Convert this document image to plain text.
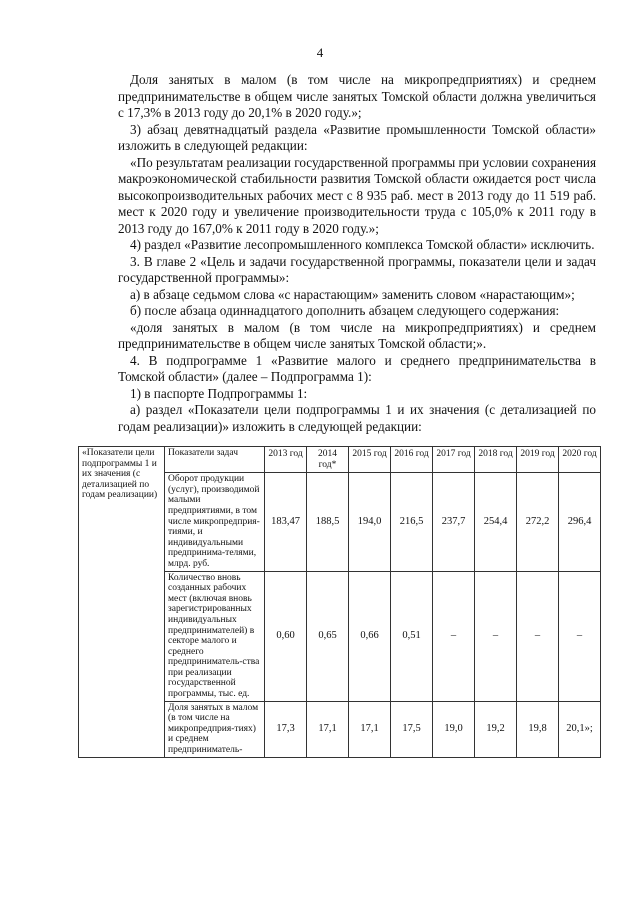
4

Доля занятых в малом (в том числе на микропредприятиях) и среднем предпринимательстве в общем числе занятых Томской области должна увеличиться с 17,3% в 2013 году до 20,1% в 2020 году.»;

3) абзац девятнадцатый раздела «Развитие промышленности Томской области» изложить в следующей редакции:

«По результатам реализации государственной программы при условии сохранения макроэкономической стабильности развития Томской области ожидается рост числа высокопроизводительных рабочих мест с 8 935 раб. мест в 2013 году до 11 519 раб. мест к 2020 году и увеличение производительности труда с 105,0% к 2011 году в 2013 году до 167,0% к 2011 году в 2020 году.»;

4) раздел «Развитие лесопромышленного комплекса Томской области» исключить.

3. В главе 2 «Цель и задачи государственной программы, показатели цели и задач государственной программы»:

а) в абзаце седьмом слова «с нарастающим» заменить словом «нарастающим»;

б) после абзаца одиннадцатого дополнить абзацем следующего содержания:

«доля занятых в малом (в том числе на микропредприятиях) и среднем предпринимательстве в общем числе занятых Томской области;».

4. В подпрограмме 1 «Развитие малого и среднего предпринимательства в Томской области» (далее – Подпрограмма 1):

1) в паспорте Подпрограммы 1:

а) раздел «Показатели цели подпрограммы 1 и их значения (с детализацией по годам реализации)» изложить в следующей редакции:

«Показатели цели подпрограммы 1 и их значения (с детализацией по годам реализации)	Показатели задач	2013 год	2014 год*	2015 год	2016 год	2017 год	2018 год	2019 год	2020 год
	Оборот продукции (услуг), производимой малыми предприятиями, в том числе микропредприя-тиями, и индивидуальными предпринима-телями, млрд. руб.	183,47	188,5	194,0	216,5	237,7	254,4	272,2	296,4
	Количество вновь созданных рабочих мест (включая вновь зарегистрированных индивидуальных предпринимателей) в секторе малого и среднего предприниматель-ства при реализации государственной программы, тыс. ед.	0,60	0,65	0,66	0,51	–	–	–	–
	Доля занятых в малом (в том числе на микропредприя-тиях) и среднем предприниматель-	17,3	17,1	17,1	17,5	19,0	19,2	19,8	20,1»;
